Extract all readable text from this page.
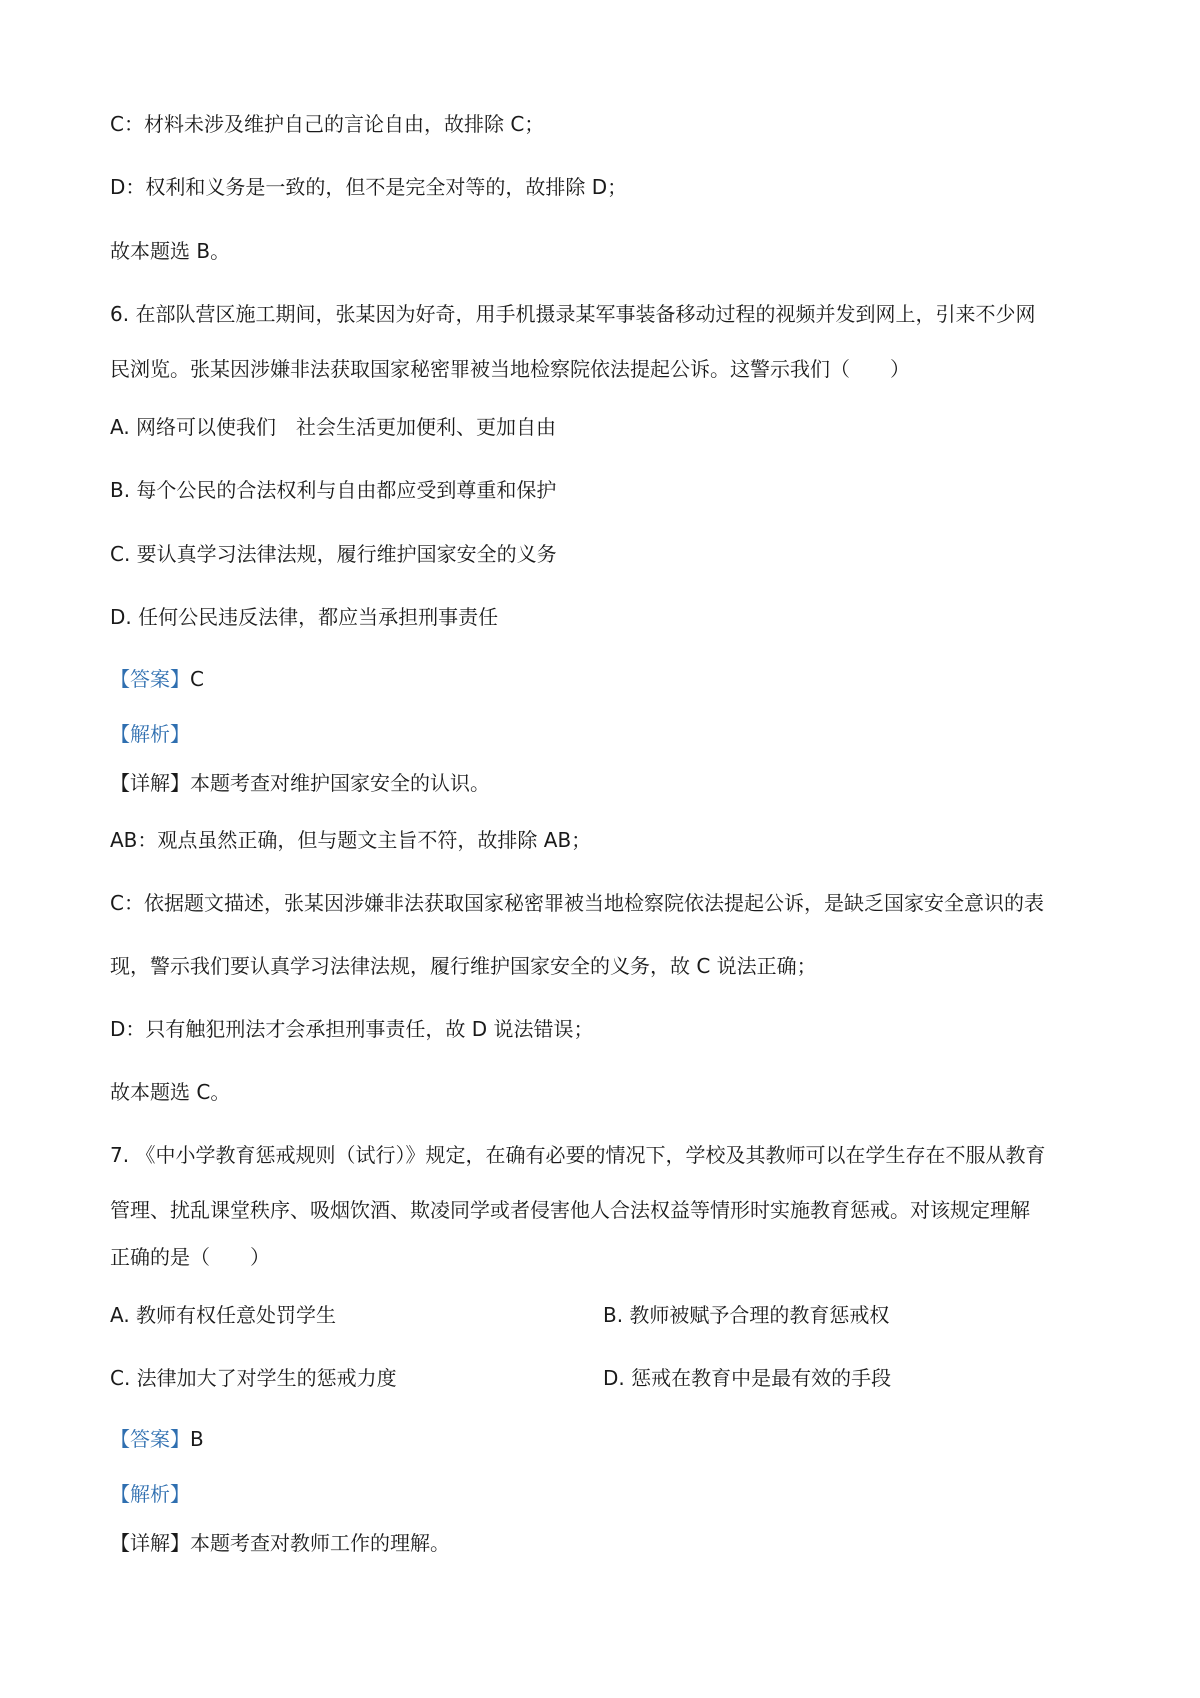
C：材料未涉及维护自己的言论自由，故排除 C；
D：权利和义务是一致的，但不是完全对等的，故排除 D；
故本题选 B。
6. 在部队营区施工期间，张某因为好奇，用手机摄录某军事装备移动过程的视频并发到网上，引来不少网
民浏览。张某因涉嫌非法获取国家秘密罪被当地检察院依法提起公诉。这警示我们（　　）
A. 网络可以使我们　社会生活更加便利、更加自由
B. 每个公民的合法权利与自由都应受到尊重和保护
C. 要认真学习法律法规，履行维护国家安全的义务
D. 任何公民违反法律，都应当承担刑事责任
【答案】C
【解析】
【详解】本题考查对维护国家安全的认识。
AB：观点虽然正确，但与题文主旨不符，故排除 AB；
C：依据题文描述，张某因涉嫌非法获取国家秘密罪被当地检察院依法提起公诉，是缺乏国家安全意识的表
现，警示我们要认真学习法律法规，履行维护国家安全的义务，故 C 说法正确；
D：只有触犯刑法才会承担刑事责任，故 D 说法错误；
故本题选 C。
7. 《中小学教育惩戒规则（试行）》规定，在确有必要的情况下，学校及其教师可以在学生存在不服从教育
管理、扰乱课堂秩序、吸烟饮酒、欺凌同学或者侵害他人合法权益等情形时实施教育惩戒。对该规定理解
正确的是（　　）
A. 教师有权任意处罚学生	B. 教师被赋予合理的教育惩戒权
C. 法律加大了对学生的惩戒力度	D. 惩戒在教育中是最有效的手段
【答案】B
【解析】
【详解】本题考查对教师工作的理解。
